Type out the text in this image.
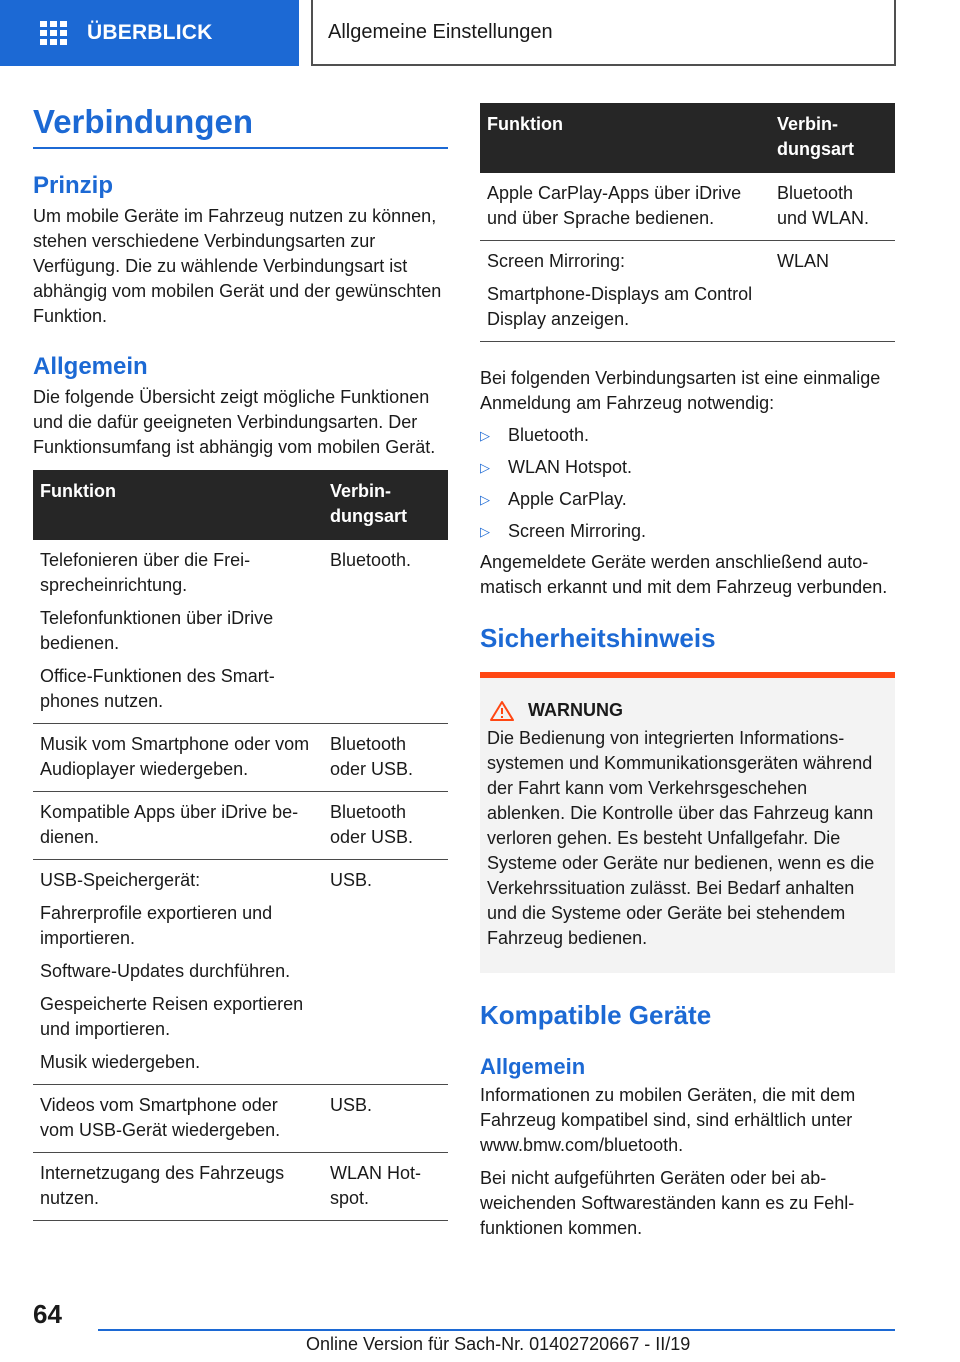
ÜBERBLICK	Allgemeine Einstellungen
Verbindungen
Prinzip

Um mobile Geräte im Fahrzeug nutzen zu können, stehen verschiedene Verbindungsarten zur Verfügung. Die zu wählende Verbindungsart ist abhängig vom mobilen Gerät und der gewünschten Funktion.

Allgemein

Die folgende Übersicht zeigt mögliche Funktionen und die dafür geeigneten Verbindungsarten. Der Funktionsumfang ist abhängig vom mobilen Gerät.

Funktion	Verbindungsart

Telefonieren über die Freisprecheinrichtung.
Telefonfunktionen über iDrive bedienen.
Office-Funktionen des Smartphones nutzen.	Bluetooth.

Musik vom Smartphone oder vom Audioplayer wiedergeben.	Bluetooth oder USB.

Kompatible Apps über iDrive bedienen.	Bluetooth oder USB.

USB-Speichergerät:
Fahrerprofile exportieren und importieren.
Software-Updates durchführen.
Gespeicherte Reisen exportieren und importieren.
Musik wiedergeben.	USB.

Videos vom Smartphone oder vom USB-Gerät wiedergeben.	USB.

Internetzugang des Fahrzeugs nutzen.	WLAN Hotspot.
Funktion	Verbindungsart

Apple CarPlay-Apps über iDrive und über Sprache bedienen.	Bluetooth und WLAN.

Screen Mirroring:
Smartphone-Displays am Control Display anzeigen.	WLAN

Bei folgenden Verbindungsarten ist eine einmalige Anmeldung am Fahrzeug notwendig:

▷	Bluetooth.
▷	WLAN Hotspot.
▷	Apple CarPlay.
▷	Screen Mirroring.

Angemeldete Geräte werden anschließend automatisch erkannt und mit dem Fahrzeug verbunden.

Sicherheitshinweis
WARNUNG

Die Bedienung von integrierten Informationssystemen und Kommunikationsgeräten während der Fahrt kann vom Verkehrsgeschehen ablenken. Die Kontrolle über das Fahrzeug kann verloren gehen. Es besteht Unfallgefahr. Die Systeme oder Geräte nur bedienen, wenn es die Verkehrssituation zulässt. Bei Bedarf anhalten und die Systeme oder Geräte bei stehendem Fahrzeug bedienen.

Kompatible Geräte
Allgemein

Informationen zu mobilen Geräten, die mit dem Fahrzeug kompatibel sind, sind erhältlich unter www.bmw.com/bluetooth.

Bei nicht aufgeführten Geräten oder bei abweichenden Softwareständen kann es zu Fehlfunktionen kommen.

64
Online Version für Sach-Nr. 01402720667 - II/19
